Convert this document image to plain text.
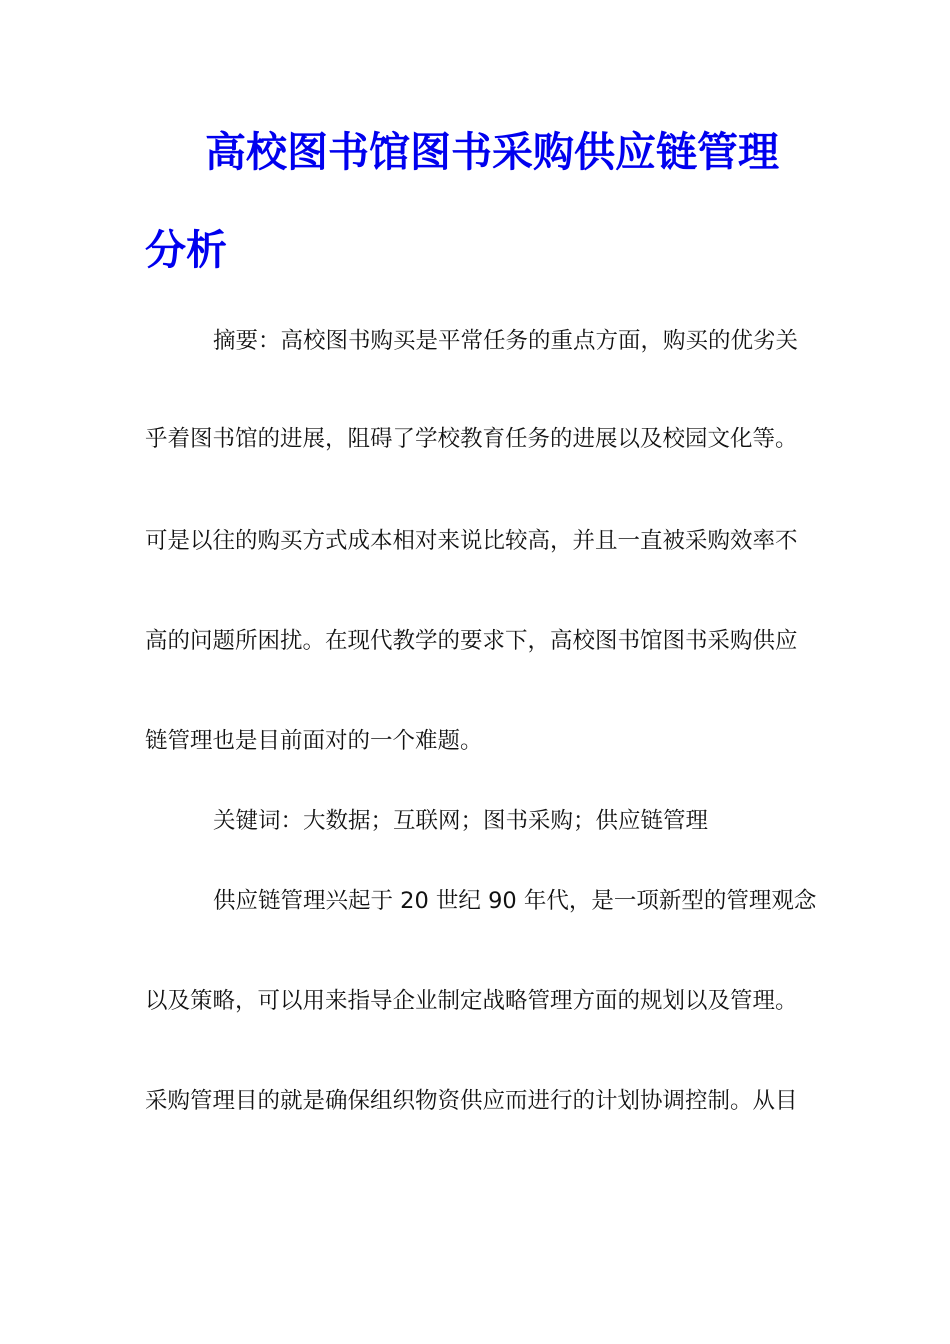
高校图书馆图书采购供应链管理
分析
摘要：高校图书购买是平常任务的重点方面，购买的优劣关
乎着图书馆的进展，阻碍了学校教育任务的进展以及校园文化等。
可是以往的购买方式成本相对来说比较高，并且一直被采购效率不
高的问题所困扰。在现代教学的要求下，高校图书馆图书采购供应
链管理也是目前面对的一个难题。
关键词：大数据；互联网；图书采购；供应链管理
供应链管理兴起于 20 世纪 90 年代，是一项新型的管理观念
以及策略，可以用来指导企业制定战略管理方面的规划以及管理。
采购管理目的就是确保组织物资供应而进行的计划协调控制。从目
